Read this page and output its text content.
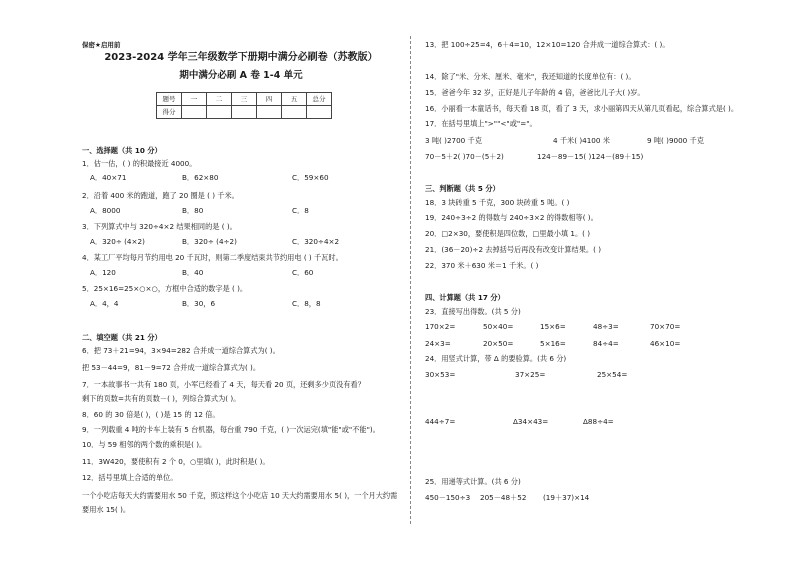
保密★启用前
2023-2024 学年三年级数学下册期中满分必刷卷（苏教版）
期中满分必刷 A 卷 1-4 单元
题号	一	二	三	四	五	总分
得分						
一、选择题（共 10 分）
1．估一估，( ) 的积最接近 4000。
A．40×71	B．62×80	C．59×60
2．沿着 400 米的跑道，跑了 20 圈是 ( ) 千米。
A．8000	B．80	C．8
3．下列算式中与 320÷4×2 结果相同的是 ( )。
A．320÷ (4×2)	B．320÷ (4÷2)	C．320÷4×2
4．某工厂平均每月节约用电 20 千瓦时，则第二季度结束共节约用电 ( ) 千瓦时。
A．120	B．40	C．60
5．25×16=25×○×○，方框中合适的数字是 ( )。
A．4，4	B．30，6	C．8，8
二、填空题（共 21 分）
6．把 73＋21=94，3×94=282 合并成一道综合算式为( )。
把 53－44=9，81－9=72 合并成一道综合算式为( )。
7．一本故事书一共有 180 页，小军已经看了 4 天，每天看 20 页，还剩多少页没有看？
剩下的页数=共有的页数－( )，列综合算式为( )。
8．60 的 30 倍是( )，( )是 15 的 12 倍。
9．一列载重 4 吨的卡车上装有 5 台机器，每台重 790 千克，( )一次运完(填"能"或"不能")。
10．与 59 相邻的两个数的乘积是( )。
11．3W420，要使积有 2 个 0，○里填( )，此时积是( )。
12．括号里填上合适的单位。
一个小吃店每天大约需要用水 50 千克，照这样这个小吃店 10 天大约需要用水 5( )，一个月大约需要用水 15( )。
13．把 100÷25=4，6＋4=10，12×10=120 合并成一道综合算式：( )。
14．除了"米、分米、厘米、毫米"，我还知道的长度单位有：( )。
15．爸爸今年 32 岁，正好是儿子年龄的 4 倍，爸爸比儿子大( )岁。
16．小丽看一本童话书，每天看 18 页，看了 3 天，求小丽第四天从第几页看起，综合算式是( )。
17．在括号里填上">""<"或"="。
3 吨( )2700 千克	4 千米( )4100 米	9 吨( )9000 千克
70－5＋2( )70－(5＋2)	124－89－15( )124－(89＋15)
三、判断题（共 5 分）
18．3 块砖重 5 千克，300 块砖重 5 吨。( )
19．240÷3÷2 的得数与 240÷3×2 的得数相等( )。
20．□2×30，要使积是四位数，□里最小填 1。( )
21．(36－20)÷2 去掉括号后再没有改变计算结果。( )
22．370 米＋630 米＝1 千米。( )
四、计算题（共 17 分）
23．直接写出得数。(共 5 分)
170×2=	50×40=	15×6=	48÷3=	70×70=
24×3=	20×50=	5×16=	84÷4=	46×10=
24．用竖式计算，带 Δ 的要验算。(共 6 分)
30×53=	37×25=	25×54=
444÷7=	Δ34×43=	Δ88÷4=
25．用递等式计算。(共 6 分)
450－150÷3 205－48＋52 (19＋37)×14
